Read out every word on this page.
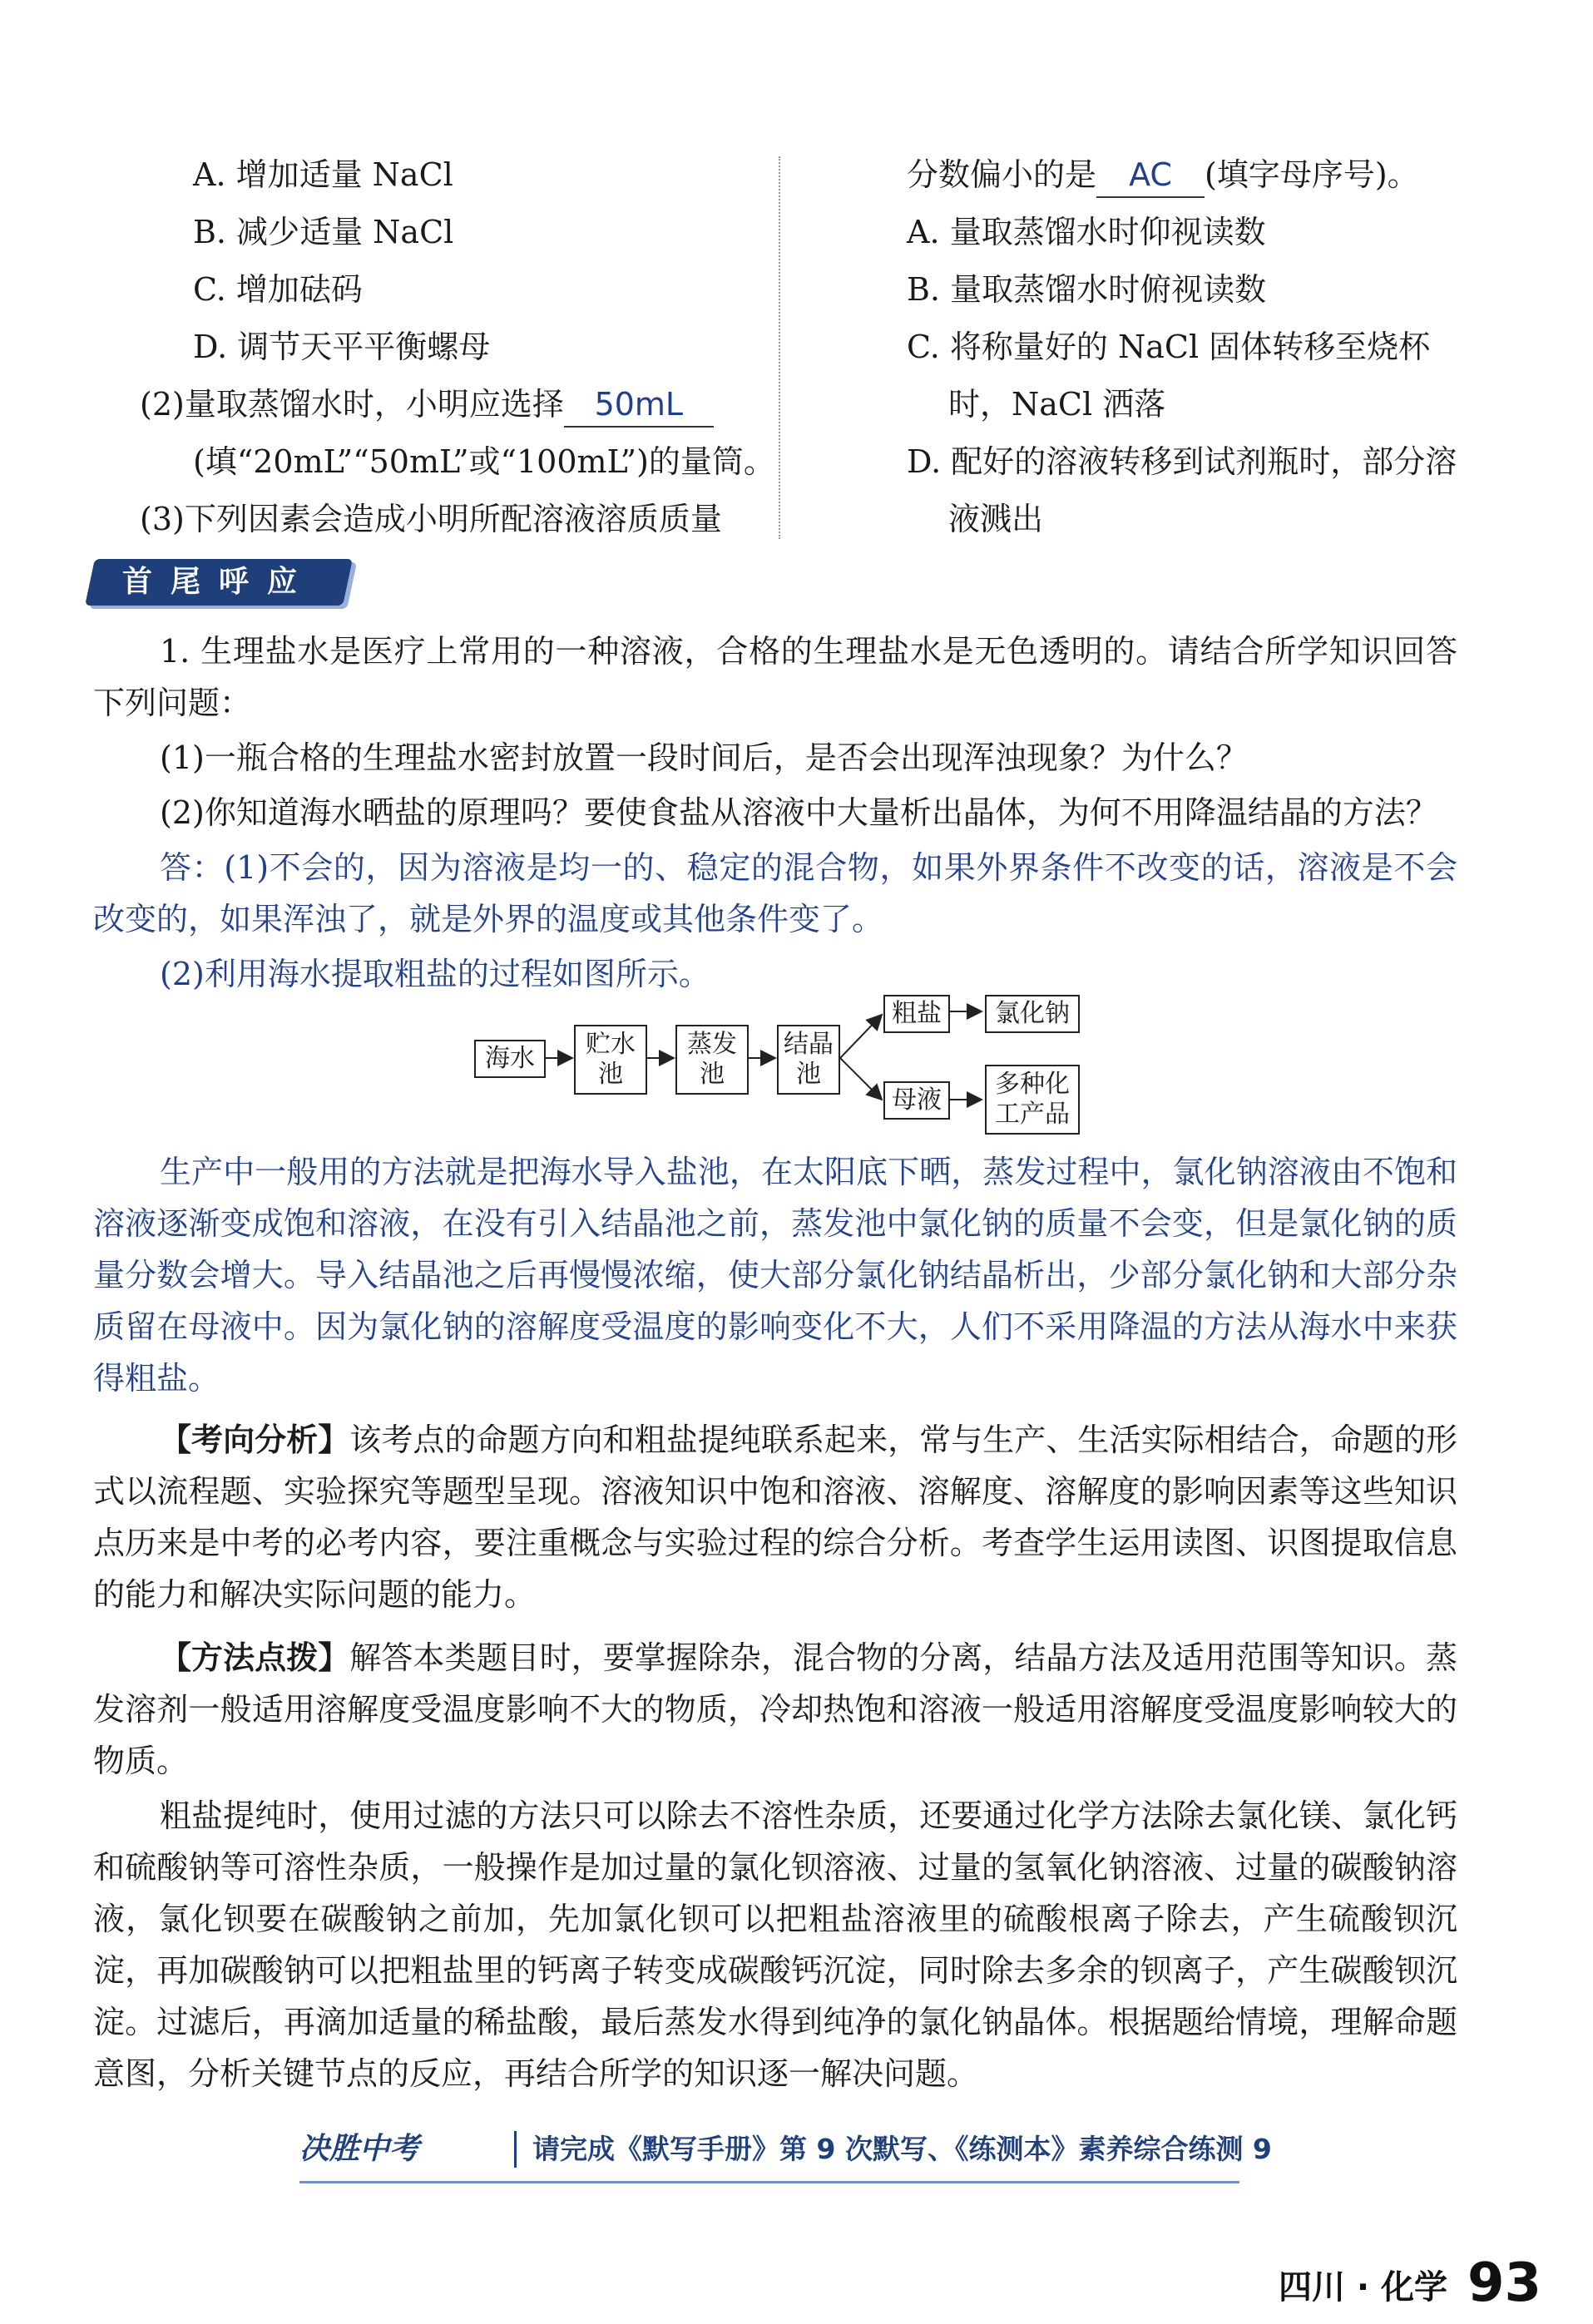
A. 增加适量 NaCl
B. 减少适量 NaCl
C. 增加砝码
D. 调节天平平衡螺母
(2)量取蒸馏水时，小明应选择 50mL
(填“20mL”“50mL”或“100mL”)的量筒。
(3)下列因素会造成小明所配溶液溶质质量
分数偏小的是 AC (填字母序号)。
A. 量取蒸馏水时仰视读数
B. 量取蒸馏水时俯视读数
C. 将称量好的 NaCl 固体转移至烧杯
时，NaCl 洒落
D. 配好的溶液转移到试剂瓶时，部分溶
液溅出
首尾呼应
1. 生理盐水是医疗上常用的一种溶液，合格的生理盐水是无色透明的。请结合所学知识回答下列问题：
(1)一瓶合格的生理盐水密封放置一段时间后，是否会出现浑浊现象？为什么？
(2)你知道海水晒盐的原理吗？要使食盐从溶液中大量析出晶体，为何不用降温结晶的方法？
答：(1)不会的，因为溶液是均一的、稳定的混合物，如果外界条件不改变的话，溶液是不会改变的，如果浑浊了，就是外界的温度或其他条件变了。
(2)利用海水提取粗盐的过程如图所示。
海水 贮水
池
蒸发
池
结晶
池
粗盐 氯化钠
母液
多种化
工产品
生产中一般用的方法就是把海水导入盐池，在太阳底下晒，蒸发过程中，氯化钠溶液由不饱和溶液逐渐变成饱和溶液，在没有引入结晶池之前，蒸发池中氯化钠的质量不会变，但是氯化钠的质量分数会增大。导入结晶池之后再慢慢浓缩，使大部分氯化钠结晶析出，少部分氯化钠和大部分杂质留在母液中。因为氯化钠的溶解度受温度的影响变化不大，人们不采用降温的方法从海水中来获得粗盐。
【考向分析】该考点的命题方向和粗盐提纯联系起来，常与生产、生活实际相结合，命题的形式以流程题、实验探究等题型呈现。溶液知识中饱和溶液、溶解度、溶解度的影响因素等这些知识点历来是中考的必考内容，要注重概念与实验过程的综合分析。考查学生运用读图、识图提取信息的能力和解决实际问题的能力。
【方法点拨】解答本类题目时，要掌握除杂，混合物的分离，结晶方法及适用范围等知识。蒸发溶剂一般适用溶解度受温度影响不大的物质，冷却热饱和溶液一般适用溶解度受温度影响较大的物质。
粗盐提纯时，使用过滤的方法只可以除去不溶性杂质，还要通过化学方法除去氯化镁、氯化钙和硫酸钠等可溶性杂质，一般操作是加过量的氯化钡溶液、过量的氢氧化钠溶液、过量的碳酸钠溶液，氯化钡要在碳酸钠之前加，先加氯化钡可以把粗盐溶液里的硫酸根离子除去，产生硫酸钡沉淀，再加碳酸钠可以把粗盐里的钙离子转变成碳酸钙沉淀，同时除去多余的钡离子，产生碳酸钡沉淀。过滤后，再滴加适量的稀盐酸，最后蒸发水得到纯净的氯化钠晶体。根据题给情境，理解命题意图，分析关键节点的反应，再结合所学的知识逐一解决问题。
决胜中考	请完成《默写手册》第 9 次默写、《练测本》素养综合练测 9
四川 · 化学 93
